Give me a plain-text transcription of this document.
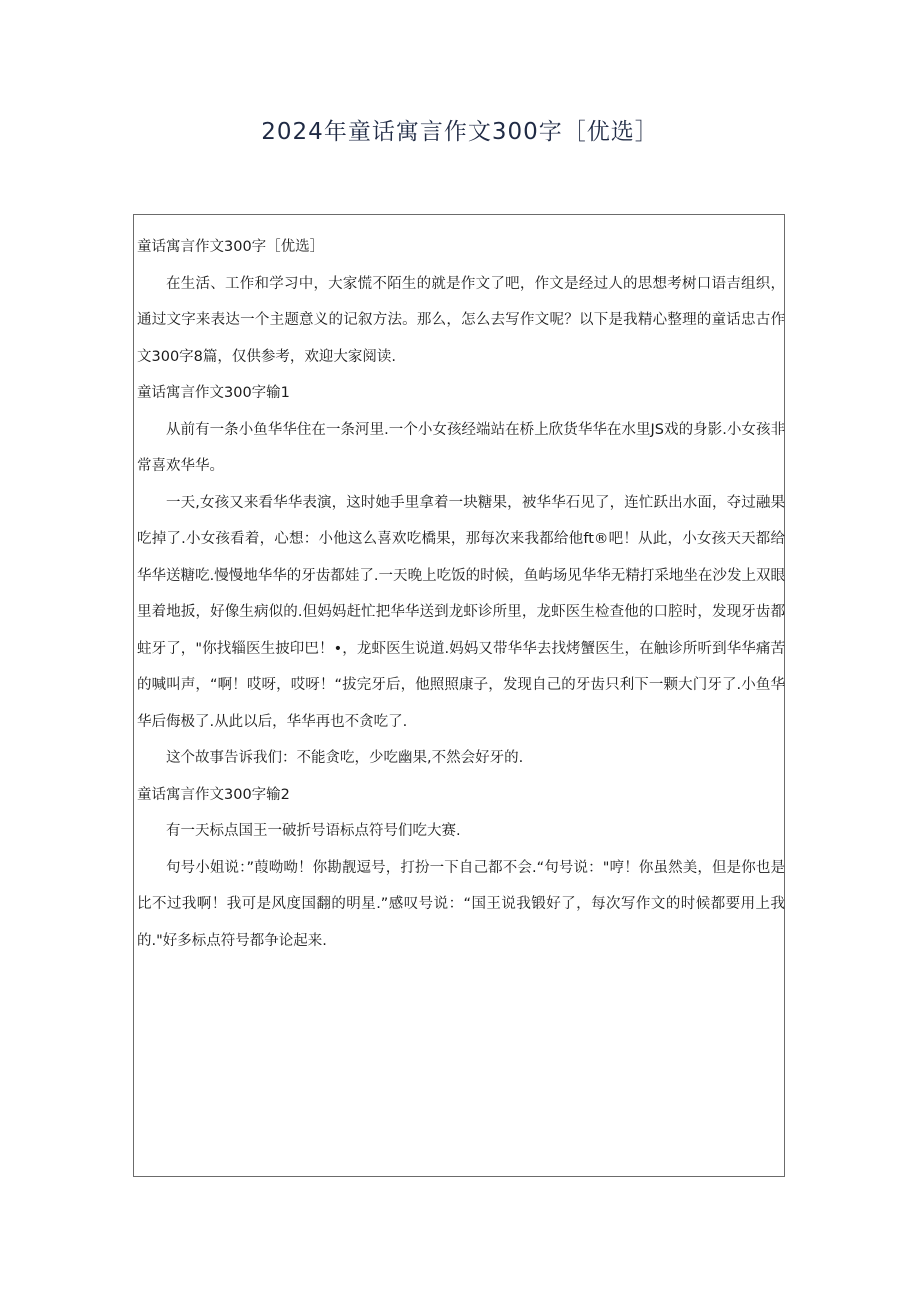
2024年童话寓言作文300字［优选］

童话寓言作文300字［优选］

在生活、工作和学习中，大家慌不陌生的就是作文了吧，作文是经过人的思想考树口语吉组织，通过文字来表达一个主题意义的记叙方法。那么，怎么去写作文呢？以下是我精心整理的童话忠古作文300字8篇，仅供参考，欢迎大家阅读.

童话寓言作文300字输1

从前有一条小鱼华华住在一条河里.一个小女孩经端站在桥上欣货华华在水里JS戏的身影.小女孩非常喜欢华华。

一天,女孩又来看华华表演，这时她手里拿着一块糖果，被华华石见了，连忙跃出水面，夺过融果吃掉了.小女孩看着，心想：小他这么喜欢吃橋果，那每次来我都给他ft®吧！从此，小女孩天天都给华华送糖吃.慢慢地华华的牙齿都娃了.一天晚上吃饭的时候，鱼屿场见华华无精打采地坐在沙发上双眼里着地扳，好像生病似的.但妈妈赶忙把华华送到龙虾诊所里，龙虾医生检查他的口腔时，发现牙齿都蛀牙了，"你找辎医生披印巴！•，龙虾医生说道.妈妈又带华华去找烤蟹医生，在触诊所听到华华痛苦的喊叫声，“啊！哎呀，哎呀！“拔完牙后，他照照康子，发现自己的牙齿只利下一颗大门牙了.小鱼华华后侮极了.从此以后，华华再也不贪吃了.

这个故事告诉我们：不能贪吃，少吃幽果,不然会好牙的.

童话寓言作文300字输2

有一天标点国王一破折号语标点符号们吃大赛.

句号小姐说：”葭呦呦！你勘靓逗号，打扮一下自己都不会.“句号说："哼！你虽然美，但是你也是比不过我啊！我可是风度国翻的明星.”感叹号说：“国王说我锻好了，每次写作文的时候都要用上我的."好多标点符号都争论起来.
